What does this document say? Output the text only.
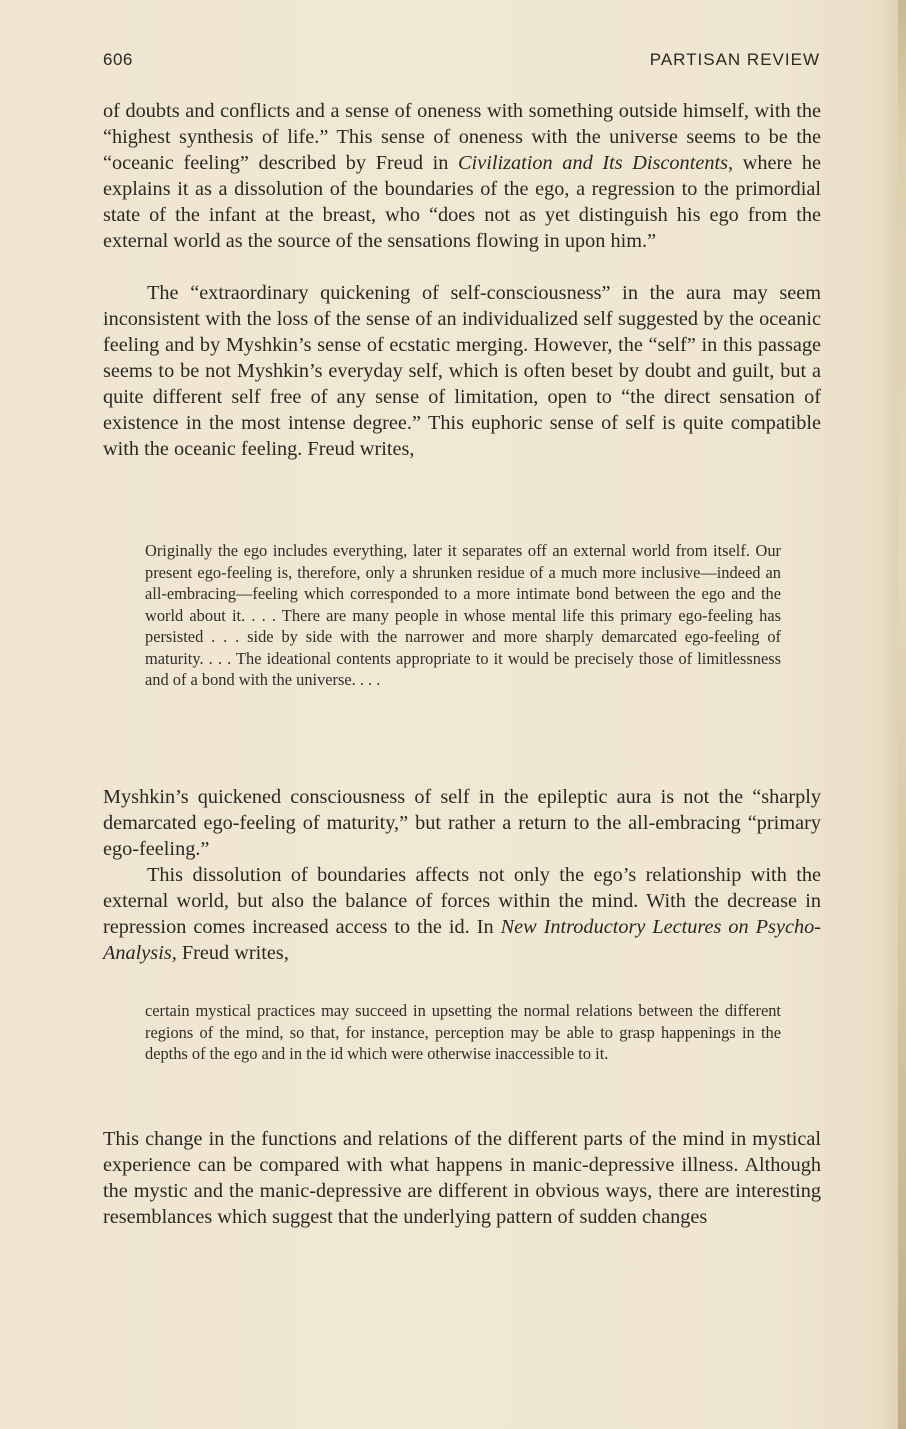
606	PARTISAN REVIEW

of doubts and conflicts and a sense of oneness with something outside himself, with the “highest synthesis of life.” This sense of oneness with the universe seems to be the “oceanic feeling” described by Freud in Civilization and Its Discontents, where he explains it as a dissolution of the boundaries of the ego, a regression to the primordial state of the infant at the breast, who “does not as yet distinguish his ego from the external world as the source of the sensations flowing in upon him.”

The “extraordinary quickening of self-consciousness” in the aura may seem inconsistent with the loss of the sense of an individualized self suggested by the oceanic feeling and by Myshkin’s sense of ecstatic merging. However, the “self” in this passage seems to be not Myshkin’s everyday self, which is often beset by doubt and guilt, but a quite different self free of any sense of limitation, open to “the direct sensation of existence in the most intense degree.” This euphoric sense of self is quite compatible with the oceanic feeling. Freud writes,

Originally the ego includes everything, later it separates off an external world from itself. Our present ego-feeling is, therefore, only a shrunken residue of a much more inclusive—indeed an all-embracing—feeling which corresponded to a more intimate bond between the ego and the world about it. . . . There are many people in whose mental life this primary ego-feeling has persisted . . . side by side with the narrower and more sharply demarcated ego-feeling of maturity. . . . The ideational contents appropriate to it would be precisely those of limitlessness and of a bond with the universe. . . .

Myshkin’s quickened consciousness of self in the epileptic aura is not the “sharply demarcated ego-feeling of maturity,” but rather a return to the all-embracing “primary ego-feeling.”

This dissolution of boundaries affects not only the ego’s relationship with the external world, but also the balance of forces within the mind. With the decrease in repression comes increased access to the id. In New Introductory Lectures on Psycho-Analysis, Freud writes,

certain mystical practices may succeed in upsetting the normal relations between the different regions of the mind, so that, for instance, perception may be able to grasp happenings in the depths of the ego and in the id which were otherwise inaccessible to it.

This change in the functions and relations of the different parts of the mind in mystical experience can be compared with what happens in manic-depressive illness. Although the mystic and the manic-depressive are different in obvious ways, there are interesting resemblances which suggest that the underlying pattern of sudden changes
